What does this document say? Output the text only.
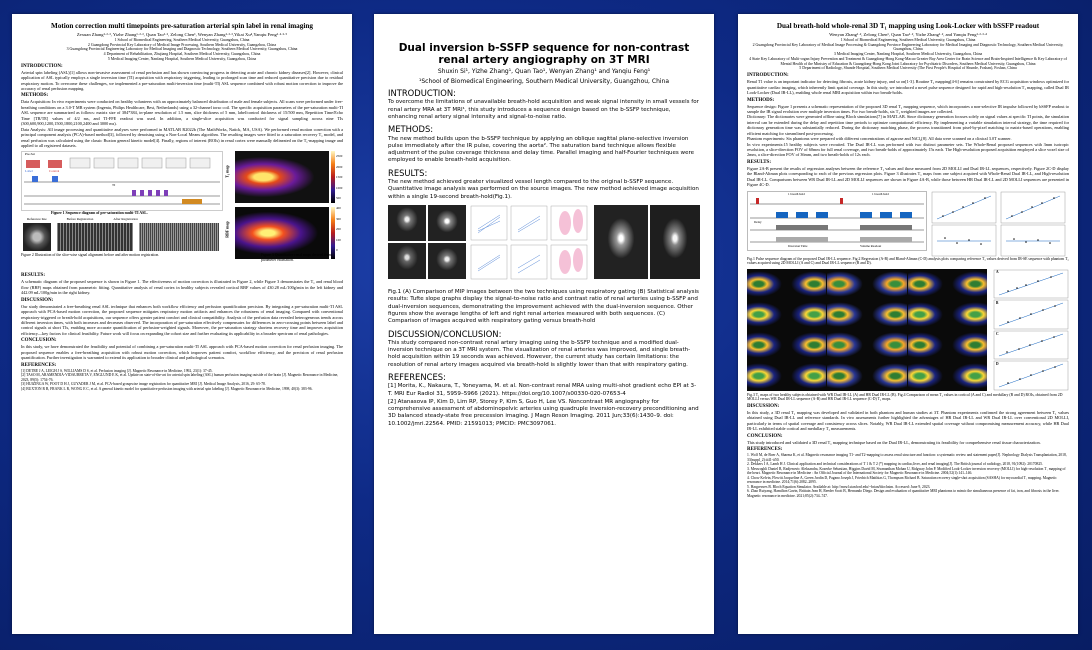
Motion correction multi timepoints pre-saturation arterial spin label in renal imaging
Zexuan Zhang¹·²·³, Yizhe Zhang¹·²·³, Quan Tao¹·², Zelong Chen¹, Wenyan Zhang¹·²·³,Yikai Xu⁴,Yanqiu Feng¹·²·³·⁵
1 School of Biomedical Engineering, Southern Medical University, Guangzhou, China
2 Guangdong Provincial Key Laboratory of Medical Image Processing, Southern Medical University, Guangzhou, China
3 Guangdong Provincial Engineering Laboratory for Medical Imaging and Diagnostic Technology, Southern Medical University, Guangzhou, China
4 Department of Rehabilitation, Zhujiang Hospital, Southern Medical University, Guangzhou, China
5 Medical Imaging Center, Nanfang Hospital, Southern Medical University, Guangzhou, China
INTRODUCTION:

Arterial spin labeling (ASL)[1] allows non-invasive assessment of renal perfusion and has shown convincing progress in detecting acute and chronic kidney diseases[2]. However, clinical application of ASL typically employs a single inversion time (TI) acquisition with respiratory triggering, leading to prolonged scan time and reduced quantitative precision due to residual respiratory motion. To overcome these challenges, we implemented a pre-saturation multi-inversion time (multi-TI) ASL sequence combined with robust motion correction to improve the accuracy of renal perfusion mapping.

METHODS:

Data Acquisition: In vivo experiments were conducted on healthy volunteers with an approximately balanced distribution of male and female subjects. All scans were performed under free-breathing conditions on a 3.0-T MR system (Ingenia, Philips Healthcare, Best, Netherlands) using a 32-channel torso coil. The specific acquisition parameters of the pre-saturation multi-TI ASL sequence are summarized as follows: matrix size of 384*384, in-plane resolution of 1.5 mm, slice thickness of 5 mm, label/control thickness of 15/500 mm, Repetition Time/Echo Time [TR/TE] values of 4/2 ms, and TI-FFE readout was used. In addition, a single-slice acquisition was conducted for signal sampling across nine TIs (300,600,900,1200,1500,1800,2100,2400 and 3000 ms).

Data Analysis: All image processing and quantitative analyses were performed in MATLAB R2022b (The MathWorks, Natick, MA, USA). We performed renal motion correction with a principal component analysis (PCA)-based method[3], followed by denoising using a Non-Local Means algorithm. The resulting images were fitted to a saturation recovery T₁ model, and renal perfusion was calculated using the classic Buxton general kinetic model[4]. Finally, regions of interest (ROIs) in renal cortex were manually delineated on the T₁-mapping image and applied to all registered datasets.

Pre-Sat
Label	Control
TI
2500
2000
1500
1000
500
400
300
200
100
0
T₁ map
RBF map
Figure 1 Sequence diagram of pre-saturation multi-TI ASL.
Reference line	Before Registration	After Registration
Figure 2 Illustration of the slice-wise signal alignment before and after motion registration.	Figure 3 Quantitative renal maps derived from parameter estimation.
RESULTS:

A schematic diagram of the proposed sequence is shown in Figure 1. The effectiveness of motion correction is illustrated in Figure 2, while Figure 3 demonstrates the T₁ and renal blood flow (RBF) maps obtained from parametric fitting. Quantitative analysis of renal cortex in healthy subjects revealed cortical RBF values of 430.28 mL/100g/min in the left kidney and 442.09 mL/100g/min in the right kidney.

DISCUSSION:

Our study demonstrated a free-breathing renal ASL technique that enhances both workflow efficiency and perfusion quantification precision. By integrating a pre-saturation multi-TI ASL approach with PCA-based motion correction, the proposed sequence mitigates respiratory motion artifacts and enhances the robustness of renal imaging. Compared with conventional respiratory-triggered or breath-hold acquisitions, our sequence offers greater patient comfort and clinical compatibility. Analysis of the perfusion data revealed heterogeneous trends across different inversion times, with both increases and decreases observed. The incorporation of pre-saturation effectively compensates for differences in zero-crossing points between label and control signals at short TIs, enabling more accurate quantification of perfusion-weighted signals. Moreover, the pre-saturation strategy shortens recovery time and improves acquisition efficiency—key factors for clinical feasibility. Future work will focus on expanding the cohort size and further evaluating its applicability in a broader spectrum of renal pathologies.

CONCLUSION:

In this study, we have demonstrated the feasibility and potential of combining a pre-saturation multi-TI ASL approach with PCA-based motion correction for renal perfusion imaging. The proposed sequence enables a free-breathing acquisition with robust motion correction, which improves patient comfort, workflow efficiency, and the precision of renal perfusion quantification. Further investigation is warranted to extend its application to broader clinical and pathological scenarios.

REFERENCES:
[1] DETRE J A, LEIGH J S, WILLIAMS D S, et al. Perfusion imaging [J]. Magnetic Resonance in Medicine, 1992, 23(1): 37-45.
[2] TASO M, ARAMENDIA-VIDAURRETA V, ENGLUND E K, et al. Update on state-of-the-art for arterial spin labeling (ASL) human perfusion imaging outside of the brain [J]. Magnetic Resonance in Medicine, 2023, 89(5): 1754-76.
[3] HUIZINGA W, POOT D H J, GUYADER J M, et al. PCA-based groupwise image registration for quantitative MRI [J]. Medical Image Analysis, 2016, 29: 65-78.
[4] BUXTON R B, FRANK L R, WONG E C, et al. A general kinetic model for quantitative perfusion imaging with arterial spin labeling [J]. Magnetic Resonance in Medicine, 1998, 40(3): 383-96.
Dual inversion b-SSFP sequence for non-contrast renal artery angiography on 3T MRI
Shuxin Si¹, Yizhe Zhang¹, Quan Tao¹, Wenyan Zhang¹ and Yanqiu Feng¹
¹School of Biomedical Engineering, Southern Medical University, Guangzhou, China
INTRODUCTION:

To overcome the limitations of unavailable breath-hold acquisition and weak signal intensity in small vessels for renal artery MRA at 3T MRI¹, this study introduces a sequence design based on the b-SSFP technique, enhancing renal artery signal intensity and signal-to-noise ratio.

METHODS:

The new method builds upon the b-SSFP technique by applying an oblique sagittal plane-selective inversion pulse immediately after the IR pulse, covering the aorta². The saturation band technique allows flexible adjustment of the pulse coverage thickness and delay time. Parallel imaging and half-Fourier techniques were employed to enable breath-hold acquisition.

RESULTS:

The new method achieved greater visualized vessel length compared to the original b-SSFP sequence. Quantitative image analysis was performed on the source images. The new method achieved image acquisition within a single 19-second breath-hold(Fig.1).

Fig.1 (A) Comparison of MIP images between the two techniques using respiratory gating (B) Statistical analysis results: Tufte slope graphs display the signal-to-noise ratio and contrast ratio of renal arteries using b-SSFP and dual-inversion sequences, demonstrating the improvement achieved with the dual-inversion sequence. Other figures show the average lengths of left and right renal arteries measured with both sequences. (C) Comparison of images acquired with respiratory gating versus breath-hold

DISCUSSION/CONCLUSION:

This study compared non-contrast renal artery imaging using the b-SSFP technique and a modified dual-inversion technique on a 3T MRI system. The visualization of renal arteries was improved, and single breath-hold acquisition within 19 seconds was achieved. However, the current study has certain limitations: the resolution of renal artery images acquired via breath-hold is slightly lower than that with respiratory gating.

REFERENCES:

[1] Morita, K., Nakaura, T., Yoneyama, M. et al. Non-contrast renal MRA using multi-shot gradient echo EPI at 3-T. MRI Eur Radiol 31, 5959–5966 (2021). https://doi.org/10.1007/s00330-020-07653-4

[2] Atanasova IP, Kim D, Lim RP, Storey P, Kim S, Guo H, Lee VS. Noncontrast MR angiography for comprehensive assessment of abdominopelvic arteries using quadruple inversion-recovery preconditioning and 3D balanced steady-state free precession imaging. J Magn Reson Imaging. 2011 Jun;33(6):1430–9. doi: 10.1002/jmri.22564. PMID: 21591013; PMCID: PMC3097061.

Dual breath-hold whole-renal 3D T₁ mapping using Look-Locker with bSSFP readout
Wenyan Zhang¹·², Zelong Chen¹, Quan Tao¹·², Yizhe Zhang¹·², and Yanqiu Feng¹·²·³·⁴
1 School of Biomedical Engineering, Southern Medical University, Guangzhou, China
2 Guangdong Provincial Key Laboratory of Medical Image Processing & Guangdong Province Engineering Laboratory for Medical Imaging and Diagnostic Technology, Southern Medical University, Guangzhou, China
3 Medical Imaging Center, Nanfang Hospital, Southern Medical University, Guangzhou, China
4 State Key Laboratory of Multi-organ Injury Prevention and Treatment & Guangdong-Hong Kong-Macao Greater Bay Area Center for Brain Science and Brain-Inspired Intelligence & Key Laboratory of Mental Health of the Ministry of Education & Guangdong-Hong Kong Joint Laboratory for Psychiatric Disorders, Southern Medical University, Guangzhou, China
5 Department of Radiology, Shunde Hospital, Southern Medical University (The First People's Hospital of Shunde, Foshan), Foshan, China
INTRODUCTION:

Renal T1 value is an important indicator for detecting fibrosis, acute kidney injury, and so on[1-3]. Routine T₁ mapping[4-6] remains constrained by ECG acquisition windows optimized for quantitative cardiac imaging, which inherently limit spatial coverage. In this study, we introduced a novel pulse sequence designed for rapid and high-resolution T₁ mapping, called Dual IR Look-Locker (Dual IR-LL), enabling whole renal MRI acquisition within two breath-holds.

METHODS:

Sequence design: Figure 1 presents a schematic representation of the proposed 3D renal T₁ mapping sequence, which incorporates a non-selective IR impulse followed by bSSFP readout to sample the IR signal evolution over multiple inversion times. For two breath-holds, six T₁ weighted images are collected.

Dictionary: The dictionaries were generated offline using Bloch simulations[7] in MATLAB. Since dictionary generation focuses solely on signal values at specific TI points, the simulation interval can be extended during the delay and repetition time periods to optimize computational efficiency. By implementing a variable simulation interval strategy, the time required for dictionary generation time was substantially reduced. During the dictionary matching phase, the process transitioned from pixel-by-pixel matching to matrix-based operations, enabling efficient matching for streamlined post-processing.

Phantom experiments: Six phantoms were prepared with different concentrations of agarose and NiCl₂[8]. All data were scanned on a clinical 3.0T scanner.

In vivo experiments:15 healthy subjects were recruited. The Dual IR-LL was performed with two distinct parameter sets. The Whole-Renal proposed sequences with 3mm isotropic resolution, a slice-direction FOV of 60mm for full renal coverage, and two breath-holds of approximately 15s each. The High-resolution proposed acquisition employed a slice voxel size of 2mm, a slice-direction FOV of 36mm, and two breath-holds of 12s each.

RESULTS:

Figure 2A-B present the results of regression analyses between the reference T₁ values and those measured from 2D MOLLI and Dual IR-LL sequences, respectively. Figure 2C-D display the Bland-Altman plots corresponding to each of the previous regression plots. Figure 3 illustrates T₁ maps from one subject acquired with Whole-Renal Dual IR-LL, and High-resolution Dual IR-LL. Comparisons between WR Dual IR-LL and 2D MOLLI sequences are shown in Figure 4A-B, while those between HR Dual IR-LL and 2D MOLLI sequences are presented in Figure 4C-D.

1 breath hold	1 breath hold
Delay
Inversion Time	Volume Readout
Fig.1 Pulse sequence diagram of the proposed Dual IR-LL sequence. Fig.2 Regression (A-B) and Bland-Altman (C-D) analysis plots comparing reference T₁ values derived from IR-SE sequence with phantom T₁ values acquired using 2D MOLLI (A and C) and Dual IR-LL sequence (B and D).
A
B
C
D
Fig.3 T₁ maps of two healthy subjects obtained with WR Dual IR-LL (A) and HR Dual IR-LL (B). Fig.4 Comparison of mean T₁ values in cortical (A and C) and medullary (B and D) ROIs, obtained from 2D MOLLI versus WR Dual IR-LL sequence (A-B) and HR Dual IR-LL sequence (C-D) T₁ maps.
DISCUSSION:

In this study, a 3D renal T₁ mapping was developed and validated in both phantom and human studies at 3T. Phantom experiments confirmed the strong agreement between T₁ values obtained using Dual IR-LL and reference standards. In vivo assessments further highlighted the advantages of HR Dual IR-LL and WR Dual IR-LL over conventional 2D MOLLI, particularly in terms of spatial coverage and consistency across slices. Notably, WR Dual IR-LL extended spatial coverage without compromising measurement accuracy, while HR Dual IR-LL exhibited stable cortical and medullary T₁ measurements.

CONCLUSION:

This study introduced and validated a 3D renal T₁ mapping technique based on the Dual IR-LL, demonstrating its feasibility for comprehensive renal tissue characterization.

REFERENCES:
1. Wolf M, de Boer A, Sharma K, et al. Magnetic resonance imaging T1- and T2-mapping to assess renal structure and function: a systematic review and statement paper[J]. Nephrology Dialysis Transplantation, 2018, 33(suppl_2):ii41-ii50.
2. Dekkers I A, Lamb H J. Clinical application and technical considerations of T 1 & T 2 (*) mapping in cardiac,liver, and renal imaging[J]. The British journal of radiology, 2018, 91(1092): 20170825.
3. Messroghli Daniel R, Radjenovic Aleksandra, Kozerke Sebastian, Higgins David M, Sivananthan Mohan U, Ridgway John P. Modified Look-Locker inversion recovery (MOLLI) for high-resolution T₁ mapping of the heart. Magnetic Resonance in Medicine : An Official Journal of the International Society for Magnetic Resonance in Medicine. 2004;52(1):141–146.
4. Chow Kelvin, Flewitt Jacqueline A, Green Jordin D, Pagano Joseph J, Friedrich Matthias G, Thompson Richard B. Saturation recovery single-shot acquisition (SASHA) for myocardial T₁ mapping. Magnetic resonance in medicine. 2014;71(6):2082–2095.
5. Hargreaves B. Bloch Equation Simulator. Available at: http://mrsrl.stanford.edu/~brian/blochsim. Accessed: June 9, 2023.
6. Zhao Ruiyang, Hamilton Gavin, Brittain Jean H, Reeder Scott B, Hernando Diego. Design and evaluation of quantitative MRI phantoms to mimic the simultaneous presence of fat, iron, and fibrosis in the liver. Magnetic resonance in medicine. 2021;85(2):734–747.
